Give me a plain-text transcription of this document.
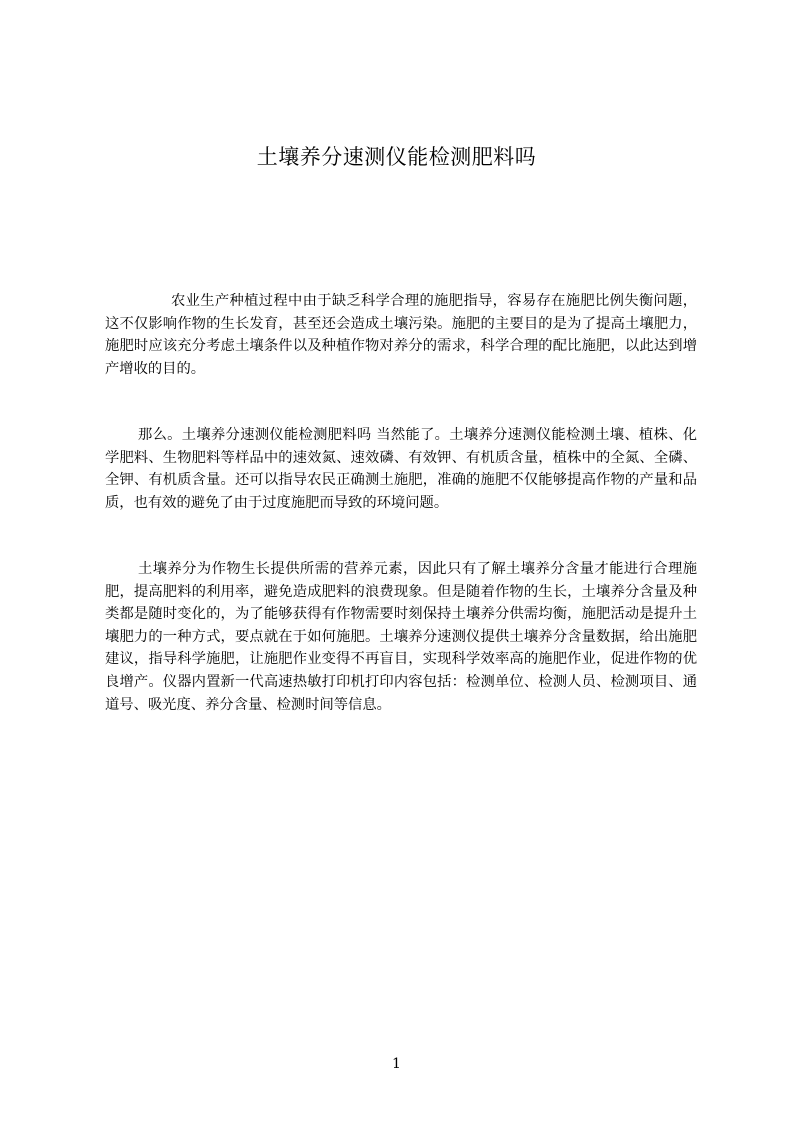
土壤养分速测仪能检测肥料吗

农业生产种植过程中由于缺乏科学合理的施肥指导，容易存在施肥比例失衡问题，这不仅影响作物的生长发育，甚至还会造成土壤污染。施肥的主要目的是为了提高土壤肥力，施肥时应该充分考虑土壤条件以及种植作物对养分的需求，科学合理的配比施肥，以此达到增产增收的目的。

那么。土壤养分速测仪能检测肥料吗 当然能了。土壤养分速测仪能检测土壤、植株、化学肥料、生物肥料等样品中的速效氮、速效磷、有效钾、有机质含量，植株中的全氮、全磷、全钾、有机质含量。还可以指导农民正确测土施肥，准确的施肥不仅能够提高作物的产量和品质，也有效的避免了由于过度施肥而导致的环境问题。

土壤养分为作物生长提供所需的营养元素，因此只有了解土壤养分含量才能进行合理施肥，提高肥料的利用率，避免造成肥料的浪费现象。但是随着作物的生长，土壤养分含量及种类都是随时变化的，为了能够获得有作物需要时刻保持土壤养分供需均衡，施肥活动是提升土壤肥力的一种方式，要点就在于如何施肥。土壤养分速测仪提供土壤养分含量数据，给出施肥建议，指导科学施肥，让施肥作业变得不再盲目，实现科学效率高的施肥作业，促进作物的优良增产。仪器内置新一代高速热敏打印机打印内容包括：检测单位、检测人员、检测项目、通道号、吸光度、养分含量、检测时间等信息。

1
